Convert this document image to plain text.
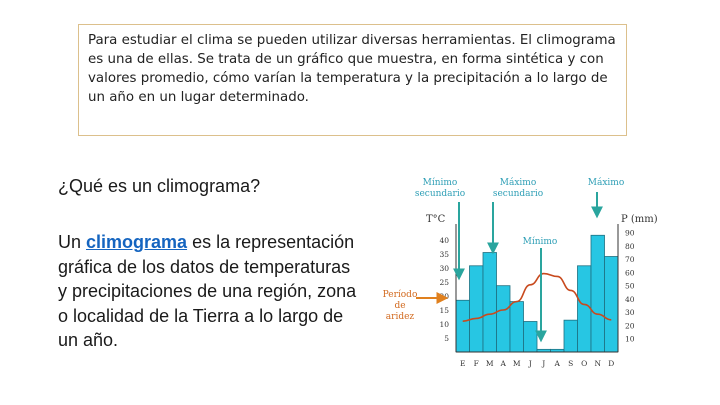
Para estudiar el clima se pueden utilizar diversas herramientas. El climograma es una de ellas. Se trata de un gráfico que muestra, en forma sintética y con valores promedio, cómo varían la temperatura y la precipitación a lo largo de un año en un lugar determinado.

¿Qué es un climograma?

Un climograma es la representación gráfica de los datos de temperaturas y precipitaciones de una región, zona o localidad de la Tierra a lo largo de un año.	5
10
15
20
25
30
35
40
10
20
30
40
50
60
70
80
90
E F M A M J J A S O N D
T°C	P (mm)
Mínimo secundario
Máximo secundario
Máximo
Mínimo
Período de aridez
